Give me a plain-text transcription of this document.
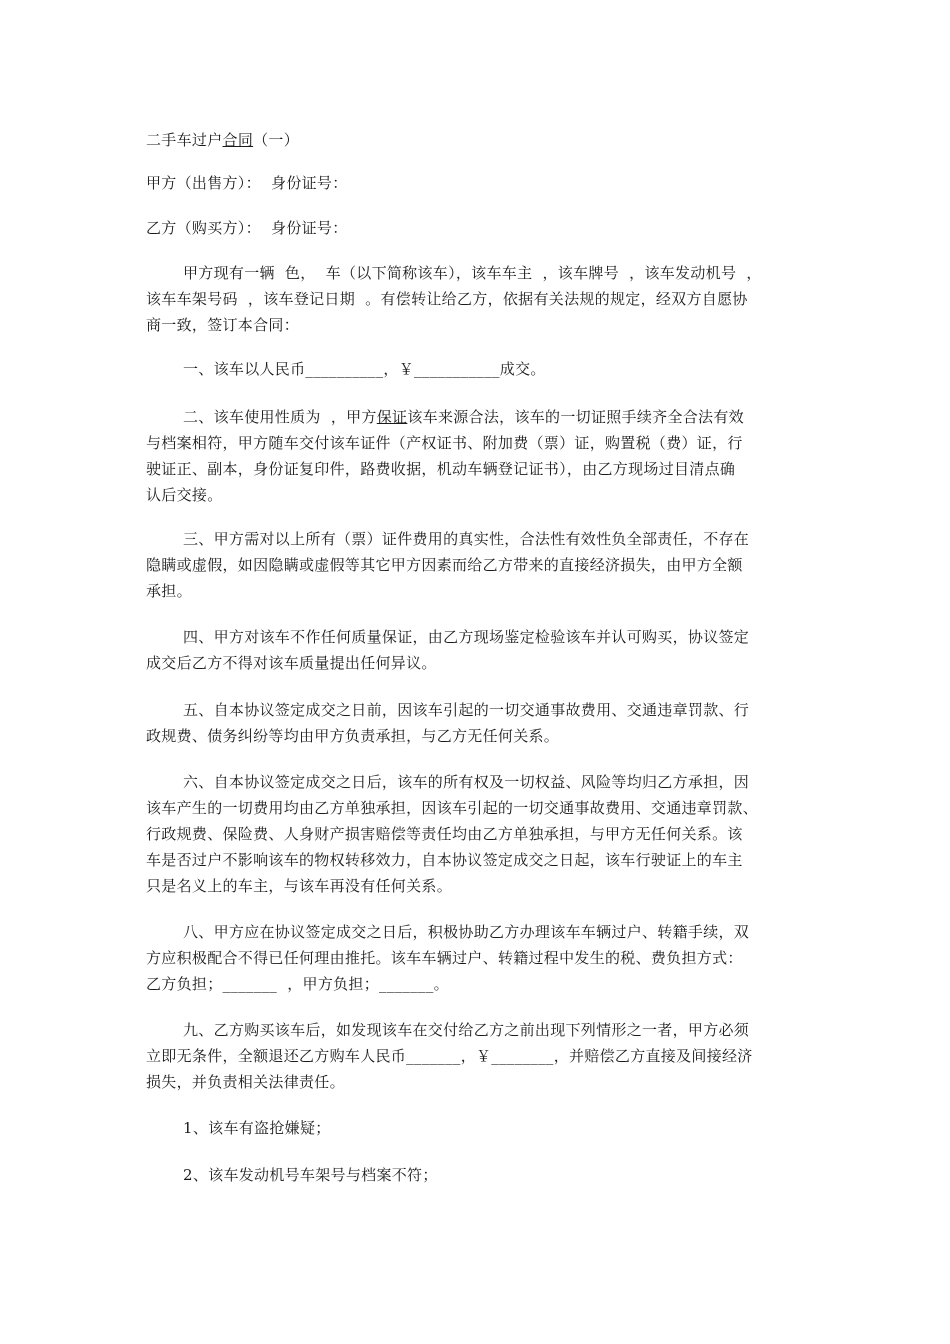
二手车过户合同（一）
甲方（出售方）：  身份证号：
乙方（购买方）：  身份证号：
甲方现有一辆  色，  车（以下简称该车），该车车主  ，该车牌号  ，该车发动机号  ，
该车车架号码  ，该车登记日期  。有偿转让给乙方，依据有关法规的规定，经双方自愿协
商一致，签订本合同：
一、该车以人民币__________，￥___________成交。
二、该车使用性质为  ，甲方保证该车来源合法，该车的一切证照手续齐全合法有效
与档案相符，甲方随车交付该车证件（产权证书、附加费（票）证，购置税（费）证，行
驶证正、副本，身份证复印件，路费收据，机动车辆登记证书），由乙方现场过目清点确
认后交接。
三、甲方需对以上所有（票）证件费用的真实性，合法性有效性负全部责任，不存在
隐瞒或虚假，如因隐瞒或虚假等其它甲方因素而给乙方带来的直接经济损失，由甲方全额
承担。
四、甲方对该车不作任何质量保证，由乙方现场鉴定检验该车并认可购买，协议签定
成交后乙方不得对该车质量提出任何异议。
五、自本协议签定成交之日前，因该车引起的一切交通事故费用、交通违章罚款、行
政规费、债务纠纷等均由甲方负责承担，与乙方无任何关系。
六、自本协议签定成交之日后，该车的所有权及一切权益、风险等均归乙方承担，因
该车产生的一切费用均由乙方单独承担，因该车引起的一切交通事故费用、交通违章罚款、
行政规费、保险费、人身财产损害赔偿等责任均由乙方单独承担，与甲方无任何关系。该
车是否过户不影响该车的物权转移效力，自本协议签定成交之日起，该车行驶证上的车主
只是名义上的车主，与该车再没有任何关系。
八、甲方应在协议签定成交之日后，积极协助乙方办理该车车辆过户、转籍手续，双
方应积极配合不得已任何理由推托。该车车辆过户、转籍过程中发生的税、费负担方式：
乙方负担；_______  ，甲方负担；_______。
九、乙方购买该车后，如发现该车在交付给乙方之前出现下列情形之一者，甲方必须
立即无条件，全额退还乙方购车人民币_______，￥________，并赔偿乙方直接及间接经济
损失，并负责相关法律责任。
1、该车有盗抢嫌疑；
2、该车发动机号车架号与档案不符；
